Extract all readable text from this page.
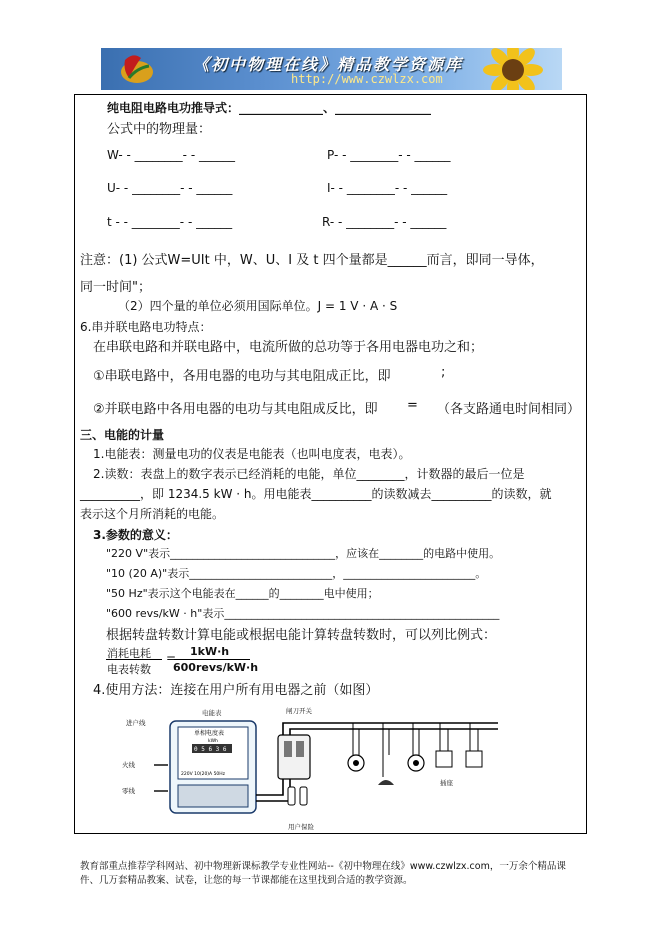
《初中物理在线》精品教学资源库
http://www.czwlzx.com
纯电阻电路电功推导式：______________、________________
公式中的物理量：
W- - ________- - ______	P- - ________- - ______
U- - ________- - ______	I- - ________- - ______
t - - ________- - ______	R- - ________- - ______
注意：(1) 公式W=UIt 中，W、U、I 及 t 四个量都是______而言，即同一导体，
同一时间"；
（2）四个量的单位必须用国际单位。J = 1 V · A · S
6.串并联电路电功特点：
在串联电路和并联电路中，电流所做的总功等于各用电器电功之和；
①串联电路中，各用电器的电功与其电阻成正比，即	;
②并联电路中各用电器的电功与其电阻成反比，即 = （各支路通电时间相同）
三、电能的计量
1.电能表：测量电功的仪表是电能表（也叫电度表，电表）。
2.读数：表盘上的数字表示已经消耗的电能，单位________，计数器的最后一位是
__________，即 1234.5 kW · h。用电能表__________的读数减去__________的读数，就
表示这个月所消耗的电能。
3.参数的意义：
"220 V"表示______________________________，应该在________的电路中使用。
"10 (20 A)"表示__________________________，________________________。
"50 Hz"表示这个电能表在______的________电中使用；
"600 revs/kW · h"表示__________________________________________________
根据转盘转数计算电能或根据电能计算转盘转数时，可以列比例式：
消耗电耗
电表转数
= 1kW·h
600revs/kW·h
4.使用方法：连接在用户所有用电器之前（如图）
进户线
火线
零线
电能表	闸刀开关
用户保险
插座
单相电度表
kWh
0 5 6 3 6
220V 10(20)A 50Hz
教育部重点推荐学科网站、初中物理新课标教学专业性网站--《初中物理在线》www.czwlzx.com，一万余个精品课
件、几万套精品教案、试卷，让您的每一节课都能在这里找到合适的教学资源。
